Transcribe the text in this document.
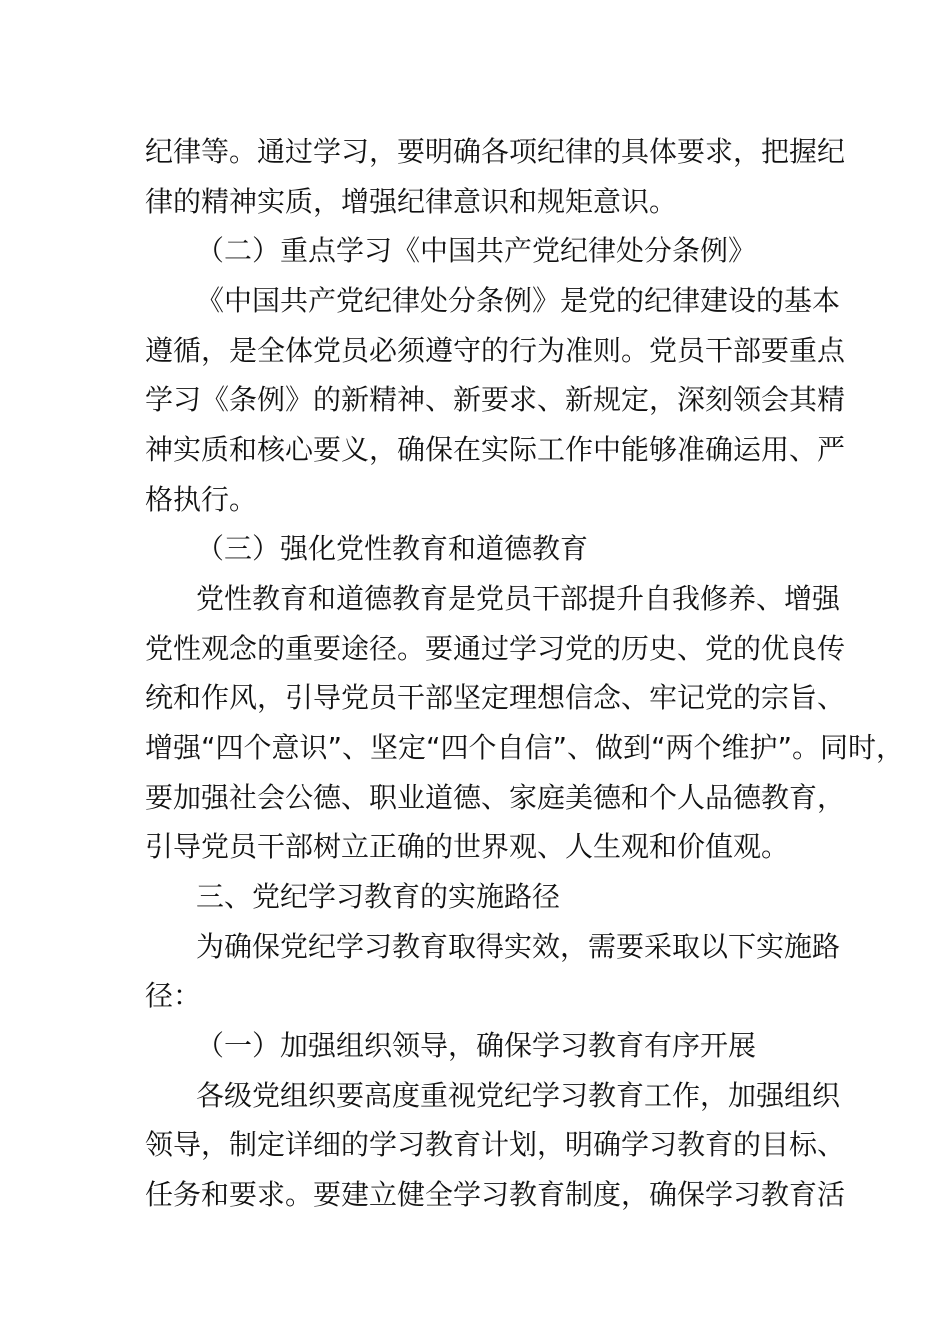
纪律等。通过学习，要明确各项纪律的具体要求，把握纪
律的精神实质，增强纪律意识和规矩意识。
（二）重点学习《中国共产党纪律处分条例》
《中国共产党纪律处分条例》是党的纪律建设的基本
遵循，是全体党员必须遵守的行为准则。党员干部要重点
学习《条例》的新精神、新要求、新规定，深刻领会其精
神实质和核心要义，确保在实际工作中能够准确运用、严
格执行。
（三）强化党性教育和道德教育
党性教育和道德教育是党员干部提升自我修养、增强
党性观念的重要途径。要通过学习党的历史、党的优良传
统和作风，引导党员干部坚定理想信念、牢记党的宗旨、
增强“四个意识”、坚定“四个自信”、做到“两个维护”。同时，
要加强社会公德、职业道德、家庭美德和个人品德教育，
引导党员干部树立正确的世界观、人生观和价值观。
三、党纪学习教育的实施路径
为确保党纪学习教育取得实效，需要采取以下实施路
径：
（一）加强组织领导，确保学习教育有序开展
各级党组织要高度重视党纪学习教育工作，加强组织
领导，制定详细的学习教育计划，明确学习教育的目标、
任务和要求。要建立健全学习教育制度，确保学习教育活
